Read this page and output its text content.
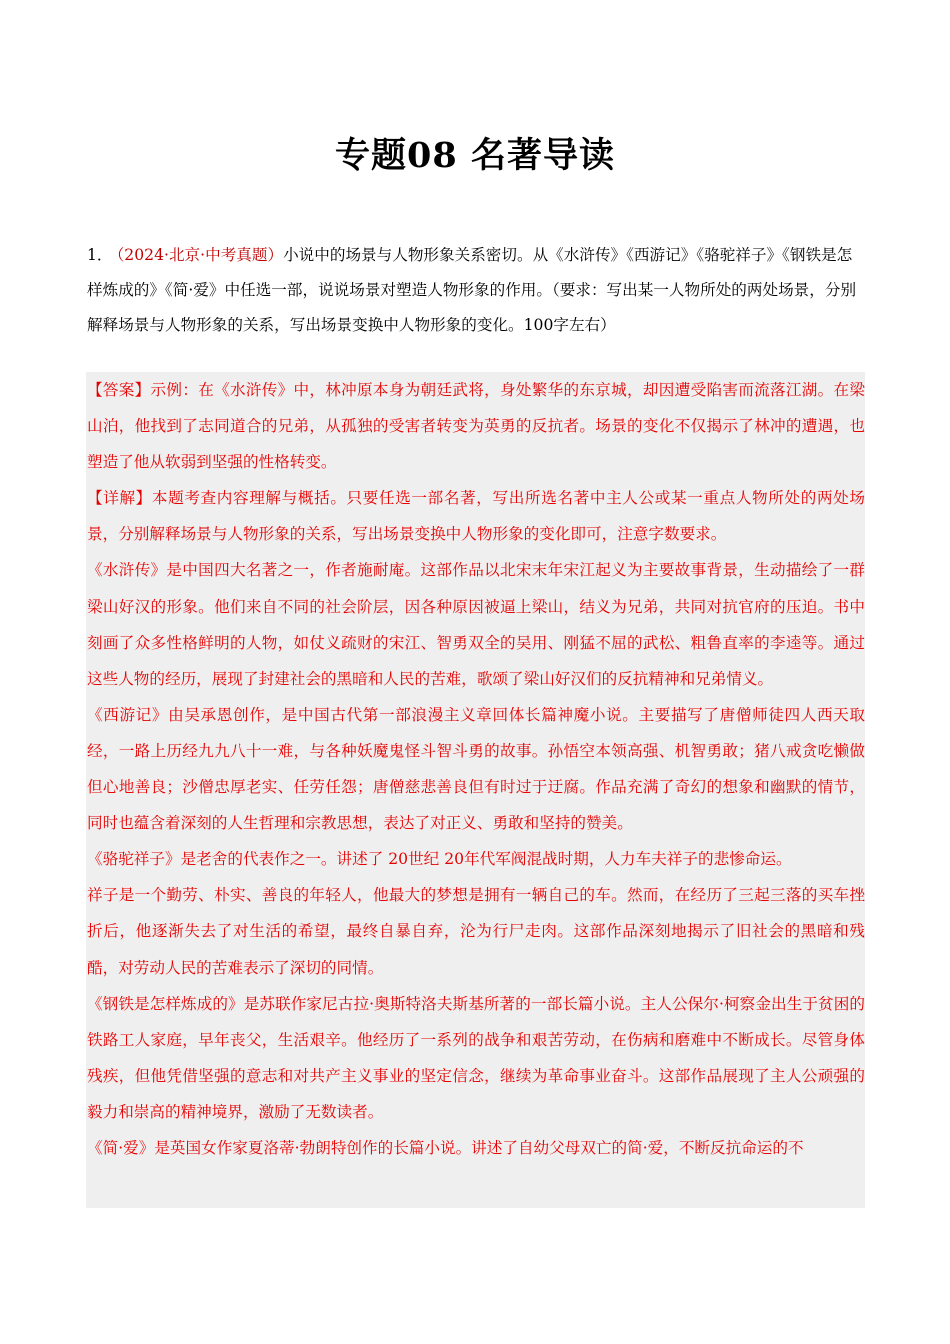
专题08 名著导读
1． （2024·北京·中考真题）小说中的场景与人物形象关系密切。从《水浒传》《西游记》《骆驼祥子》《钢铁是怎样炼成的》《简·爱》中任选一部，说说场景对塑造人物形象的作用。（要求：写出某一人物所处的两处场景，分别解释场景与人物形象的关系，写出场景变换中人物形象的变化。100字左右）

【答案】示例：在《水浒传》中，林冲原本身为朝廷武将，身处繁华的东京城，却因遭受陷害而流落江湖。在梁山泊，他找到了志同道合的兄弟，从孤独的受害者转变为英勇的反抗者。场景的变化不仅揭示了林冲的遭遇，也塑造了他从软弱到坚强的性格转变。

【详解】本题考查内容理解与概括。只要任选一部名著，写出所选名著中主人公或某一重点人物所处的两处场景，分别解释场景与人物形象的关系，写出场景变换中人物形象的变化即可，注意字数要求。

《水浒传》是中国四大名著之一，作者施耐庵。这部作品以北宋末年宋江起义为主要故事背景，生动描绘了一群梁山好汉的形象。他们来自不同的社会阶层，因各种原因被逼上梁山，结义为兄弟，共同对抗官府的压迫。书中刻画了众多性格鲜明的人物，如仗义疏财的宋江、智勇双全的吴用、刚猛不屈的武松、粗鲁直率的李逵等。通过这些人物的经历，展现了封建社会的黑暗和人民的苦难，歌颂了梁山好汉们的反抗精神和兄弟情义。

《西游记》由吴承恩创作，是中国古代第一部浪漫主义章回体长篇神魔小说。主要描写了唐僧师徒四人西天取经，一路上历经九九八十一难，与各种妖魔鬼怪斗智斗勇的故事。孙悟空本领高强、机智勇敢；猪八戒贪吃懒做但心地善良；沙僧忠厚老实、任劳任怨；唐僧慈悲善良但有时过于迂腐。作品充满了奇幻的想象和幽默的情节，同时也蕴含着深刻的人生哲理和宗教思想，表达了对正义、勇敢和坚持的赞美。

《骆驼祥子》是老舍的代表作之一。讲述了 20世纪 20年代军阀混战时期，人力车夫祥子的悲惨命运。

祥子是一个勤劳、朴实、善良的年轻人，他最大的梦想是拥有一辆自己的车。然而，在经历了三起三落的买车挫折后，他逐渐失去了对生活的希望，最终自暴自弃，沦为行尸走肉。这部作品深刻地揭示了旧社会的黑暗和残酷，对劳动人民的苦难表示了深切的同情。

《钢铁是怎样炼成的》是苏联作家尼古拉·奥斯特洛夫斯基所著的一部长篇小说。主人公保尔·柯察金出生于贫困的铁路工人家庭，早年丧父，生活艰辛。他经历了一系列的战争和艰苦劳动，在伤病和磨难中不断成长。尽管身体残疾，但他凭借坚强的意志和对共产主义事业的坚定信念，继续为革命事业奋斗。这部作品展现了主人公顽强的毅力和崇高的精神境界，激励了无数读者。

《简·爱》是英国女作家夏洛蒂·勃朗特创作的长篇小说。讲述了自幼父母双亡的简·爱，不断反抗命运的不
